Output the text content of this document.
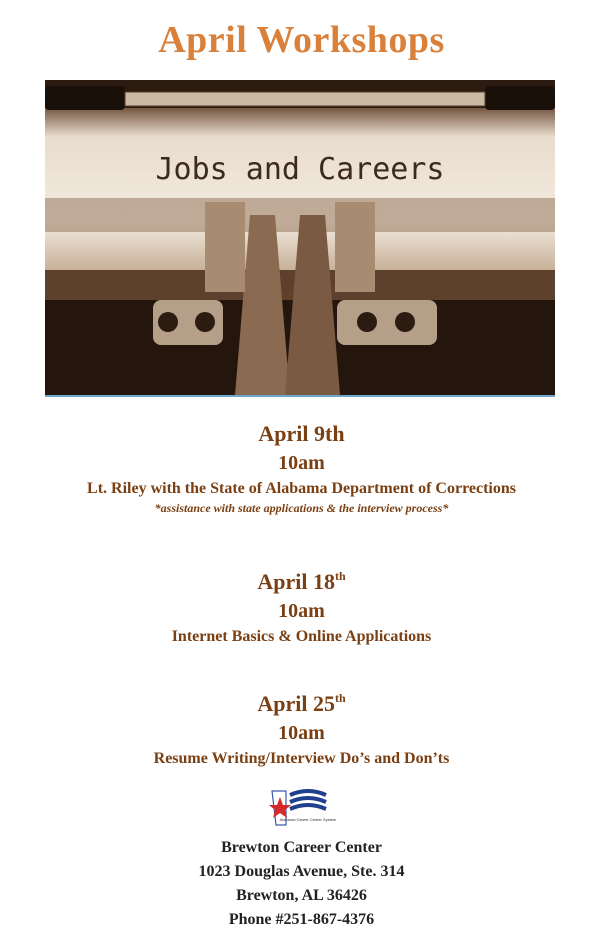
April Workshops
Jobs and Careers
April 9th
10am
Lt. Riley with the State of Alabama Department of Corrections
*assistance with state applications & the interview process*
April 18th
10am
Internet Basics & Online Applications
April 25th
10am
Resume Writing/Interview Do’s and Don’ts
Alabama Career Center System
Brewton Career Center
1023 Douglas Avenue, Ste. 314
Brewton, AL 36426
Phone #251-867-4376
